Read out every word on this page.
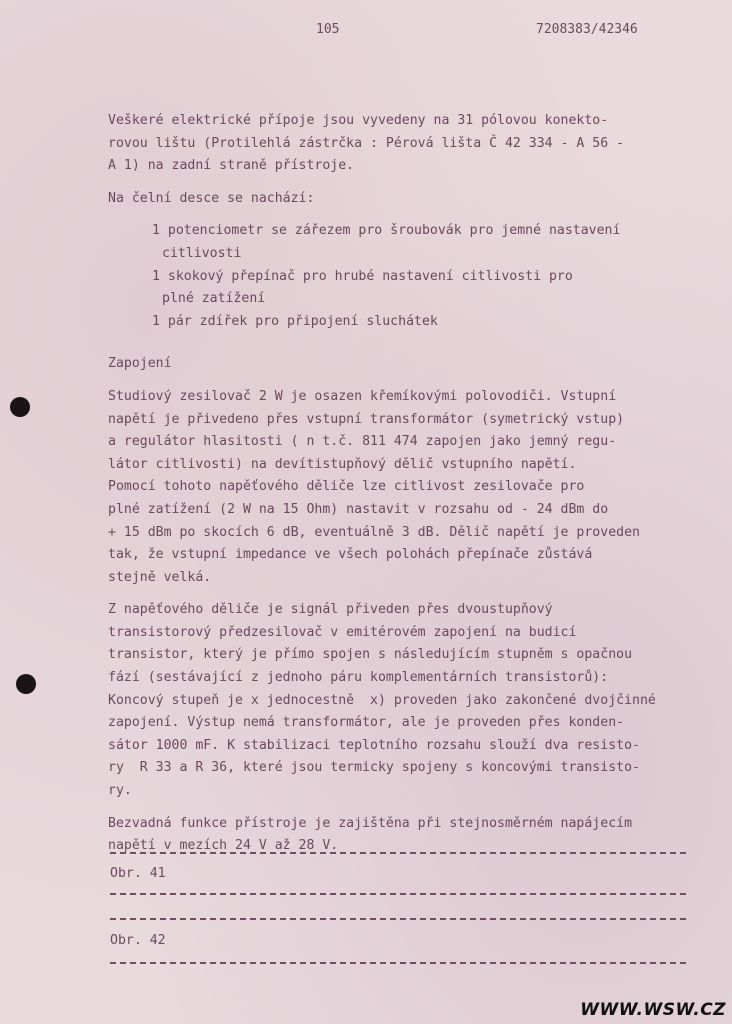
105	7208383/42346
Veškeré elektrické přípoje jsou vyvedeny na 31 pólovou konekto-
rovou lištu (Protilehlá zástrčka : Pérová lišta Č 42 334 - A 56 -
A 1) na zadní straně přístroje.
Na čelní desce se nachází:
1 potenciometr se zářezem pro šroubovák pro jemné nastavení
citlivosti
1 skokový přepínač pro hrubé nastavení citlivosti pro
plné zatížení
1 pár zdířek pro připojení sluchátek
Zapojení
Studiový zesilovač 2 W je osazen křemíkovými polovodiči. Vstupní
napětí je přivedeno přes vstupní transformátor (symetrický vstup)
a regulátor hlasitosti ( n t.č. 811 474 zapojen jako jemný regu-
látor citlivosti) na devítistupňový dělič vstupního napětí.
Pomocí tohoto napěťového děliče lze citlivost zesilovače pro
plné zatížení (2 W na 15 Ohm) nastavit v rozsahu od - 24 dBm do
+ 15 dBm po skocích 6 dB, eventuálně 3 dB. Dělič napětí je proveden
tak, že vstupní impedance ve všech polohách přepínače zůstává
stejně velká.
Z napěťového děliče je signál přiveden přes dvoustupňový
transistorový předzesilovač v emitérovém zapojení na budicí
transistor, který je přímo spojen s následujícím stupněm s opačnou
fází (sestávající z jednoho páru komplementárních transistorů):
Koncový stupeň je x jednocestně  x) proveden jako zakončené dvojčinné
zapojení. Výstup nemá transformátor, ale je proveden přes konden-
sátor 1000 mF. K stabilizaci teplotního rozsahu slouží dva resisto-
ry  R 33 a R 36, které jsou termicky spojeny s koncovými transisto-
ry.
Bezvadná funkce přístroje je zajištěna při stejnosměrném napájecím
napětí v mezích 24 V až 28 V.
Obr. 41
Obr. 42
WWW.WSW.CZ
